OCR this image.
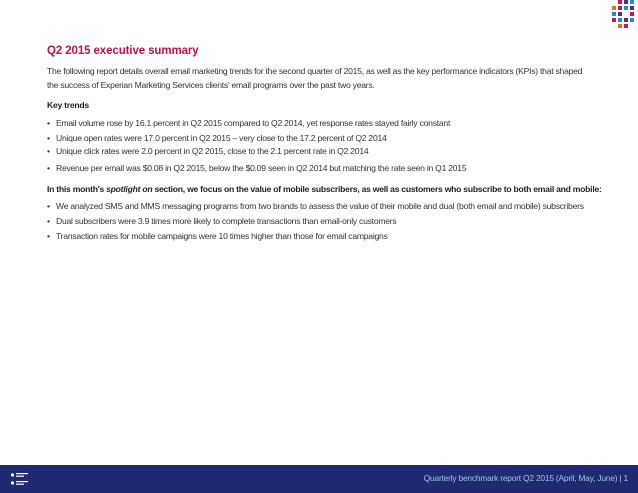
Q2 2015 executive summary

The following report details overall email marketing trends for the second quarter of 2015, as well as the key performance indicators (KPIs) that shaped the success of Experian Marketing Services clients' email programs over the past two years.

Key trends

• Email volume rose by 16.1 percent in Q2 2015 compared to Q2 2014, yet response rates stayed fairly constant
• Unique open rates were 17.0 percent in Q2 2015 – very close to the 17.2 percent of Q2 2014
• Unique click rates were 2.0 percent in Q2 2015, close to the 2.1 percent rate in Q2 2014
• Revenue per email was $0.08 in Q2 2015, below the $0.09 seen in Q2 2014 but matching the rate seen in Q1 2015

In this month's spotlight on section, we focus on the value of mobile subscribers, as well as customers who subscribe to both email and mobile:

• We analyzed SMS and MMS messaging programs from two brands to assess the value of their mobile and dual (both email and mobile) subscribers
• Dual subscribers were 3.9 times more likely to complete transactions than email-only customers
• Transaction rates for mobile campaigns were 10 times higher than those for email campaigns
Quarterly benchmark report Q2 2015 (April, May, June) | 1
